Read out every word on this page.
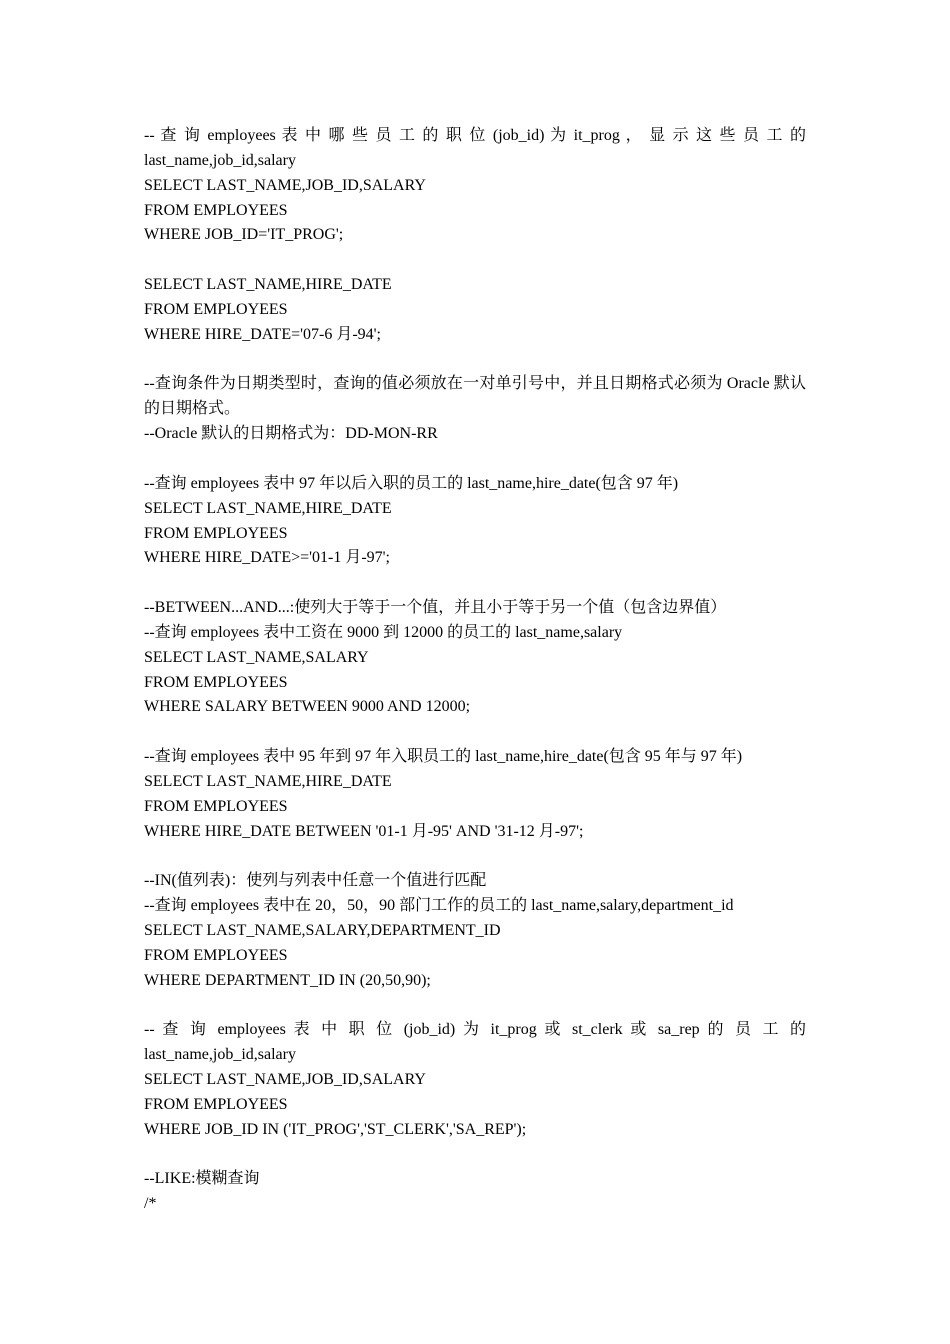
-- 查 询 employees 表 中 哪 些 员 工 的 职 位 (job_id) 为 it_prog ， 显 示 这 些 员 工 的 last_name,job_id,salary
SELECT LAST_NAME,JOB_ID,SALARY
FROM EMPLOYEES
WHERE JOB_ID='IT_PROG';
SELECT LAST_NAME,HIRE_DATE
FROM EMPLOYEES
WHERE HIRE_DATE='07-6 月-94';
--查询条件为日期类型时，查询的值必须放在一对单引号中，并且日期格式必须为 Oracle 默认的日期格式。
--Oracle 默认的日期格式为：DD-MON-RR
--查询 employees 表中 97 年以后入职的员工的 last_name,hire_date(包含 97 年)
SELECT LAST_NAME,HIRE_DATE
FROM EMPLOYEES
WHERE HIRE_DATE>='01-1 月-97';
--BETWEEN...AND...:使列大于等于一个值，并且小于等于另一个值（包含边界值）
--查询 employees 表中工资在 9000 到 12000 的员工的 last_name,salary
SELECT LAST_NAME,SALARY
FROM EMPLOYEES
WHERE SALARY BETWEEN 9000 AND 12000;
--查询 employees 表中 95 年到 97 年入职员工的 last_name,hire_date(包含 95 年与 97 年)
SELECT LAST_NAME,HIRE_DATE
FROM EMPLOYEES
WHERE HIRE_DATE BETWEEN '01-1 月-95' AND '31-12 月-97';
--IN(值列表)：使列与列表中任意一个值进行匹配
--查询 employees 表中在 20，50，90 部门工作的员工的 last_name,salary,department_id
SELECT LAST_NAME,SALARY,DEPARTMENT_ID
FROM EMPLOYEES
WHERE DEPARTMENT_ID IN (20,50,90);
-- 查 询 employees 表 中 职 位 (job_id) 为 it_prog 或 st_clerk 或 sa_rep 的 员 工 的 last_name,job_id,salary
SELECT LAST_NAME,JOB_ID,SALARY
FROM EMPLOYEES
WHERE JOB_ID IN ('IT_PROG','ST_CLERK','SA_REP');
--LIKE:模糊查询
/*
